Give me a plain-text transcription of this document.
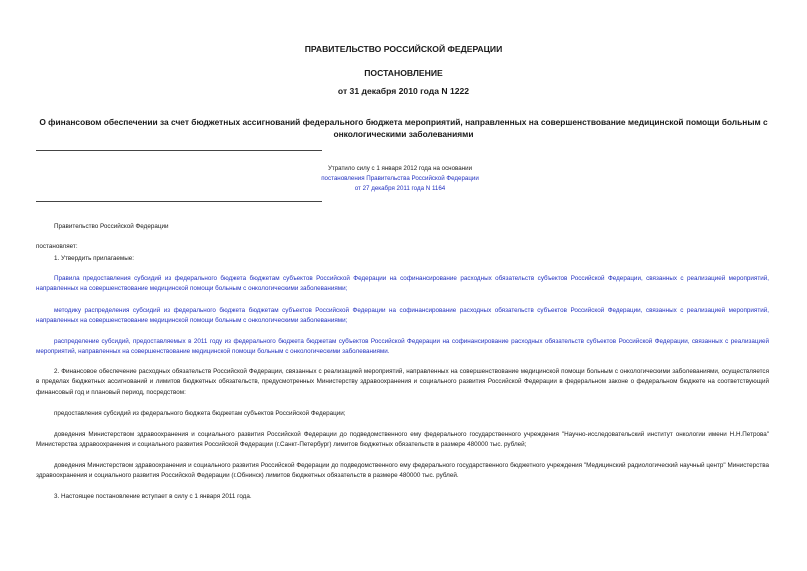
ПРАВИТЕЛЬСТВО РОССИЙСКОЙ ФЕДЕРАЦИИ

ПОСТАНОВЛЕНИЕ

от 31 декабря 2010 года N 1222

О финансовом обеспечении за счет бюджетных ассигнований федерального бюджета мероприятий, направленных на совершенствование медицинской помощи больным с онкологическими заболеваниями

Утратило силу с 1 января 2012 года на основании
постановления Правительства Российской Федерации
от 27 декабря 2011 года N 1164

Правительство Российской Федерации

постановляет:

1. Утвердить прилагаемые:

Правила предоставления субсидий из федерального бюджета бюджетам субъектов Российской Федерации на софинансирование расходных обязательств субъектов Российской Федерации, связанных с реализацией мероприятий, направленных на совершенствование медицинской помощи больным с онкологическими заболеваниями;

методику распределения субсидий из федерального бюджета бюджетам субъектов Российской Федерации на софинансирование расходных обязательств субъектов Российской Федерации, связанных с реализацией мероприятий, направленных на совершенствование медицинской помощи больным с онкологическими заболеваниями;

распределение субсидий, предоставляемых в 2011 году из федерального бюджета бюджетам субъектов Российской Федерации на софинансирование расходных обязательств субъектов Российской Федерации, связанных с реализацией мероприятий, направленных на совершенствование медицинской помощи больным с онкологическими заболеваниями.

2. Финансовое обеспечение расходных обязательств Российской Федерации, связанных с реализацией мероприятий, направленных на совершенствование медицинской помощи больным с онкологическими заболеваниями, осуществляется в пределах бюджетных ассигнований и лимитов бюджетных обязательств, предусмотренных Министерству здравоохранения и социального развития Российской Федерации в федеральном законе о федеральном бюджете на соответствующий финансовый год и плановый период, посредством:

предоставления субсидий из федерального бюджета бюджетам субъектов Российской Федерации;

доведения Министерством здравоохранения и социального развития Российской Федерации до подведомственного ему федерального государственного учреждения "Научно-исследовательский институт онкологии имени Н.Н.Петрова" Министерства здравоохранения и социального развития Российской Федерации (г.Санкт-Петербург) лимитов бюджетных обязательств в размере 480000 тыс. рублей;

доведения Министерством здравоохранения и социального развития Российской Федерации до подведомственного ему федерального государственного бюджетного учреждения "Медицинский радиологический научный центр" Министерства здравоохранения и социального развития Российской Федерации (г.Обнинск) лимитов бюджетных обязательств в размере 480000 тыс. рублей.

3. Настоящее постановление вступает в силу с 1 января 2011 года.
